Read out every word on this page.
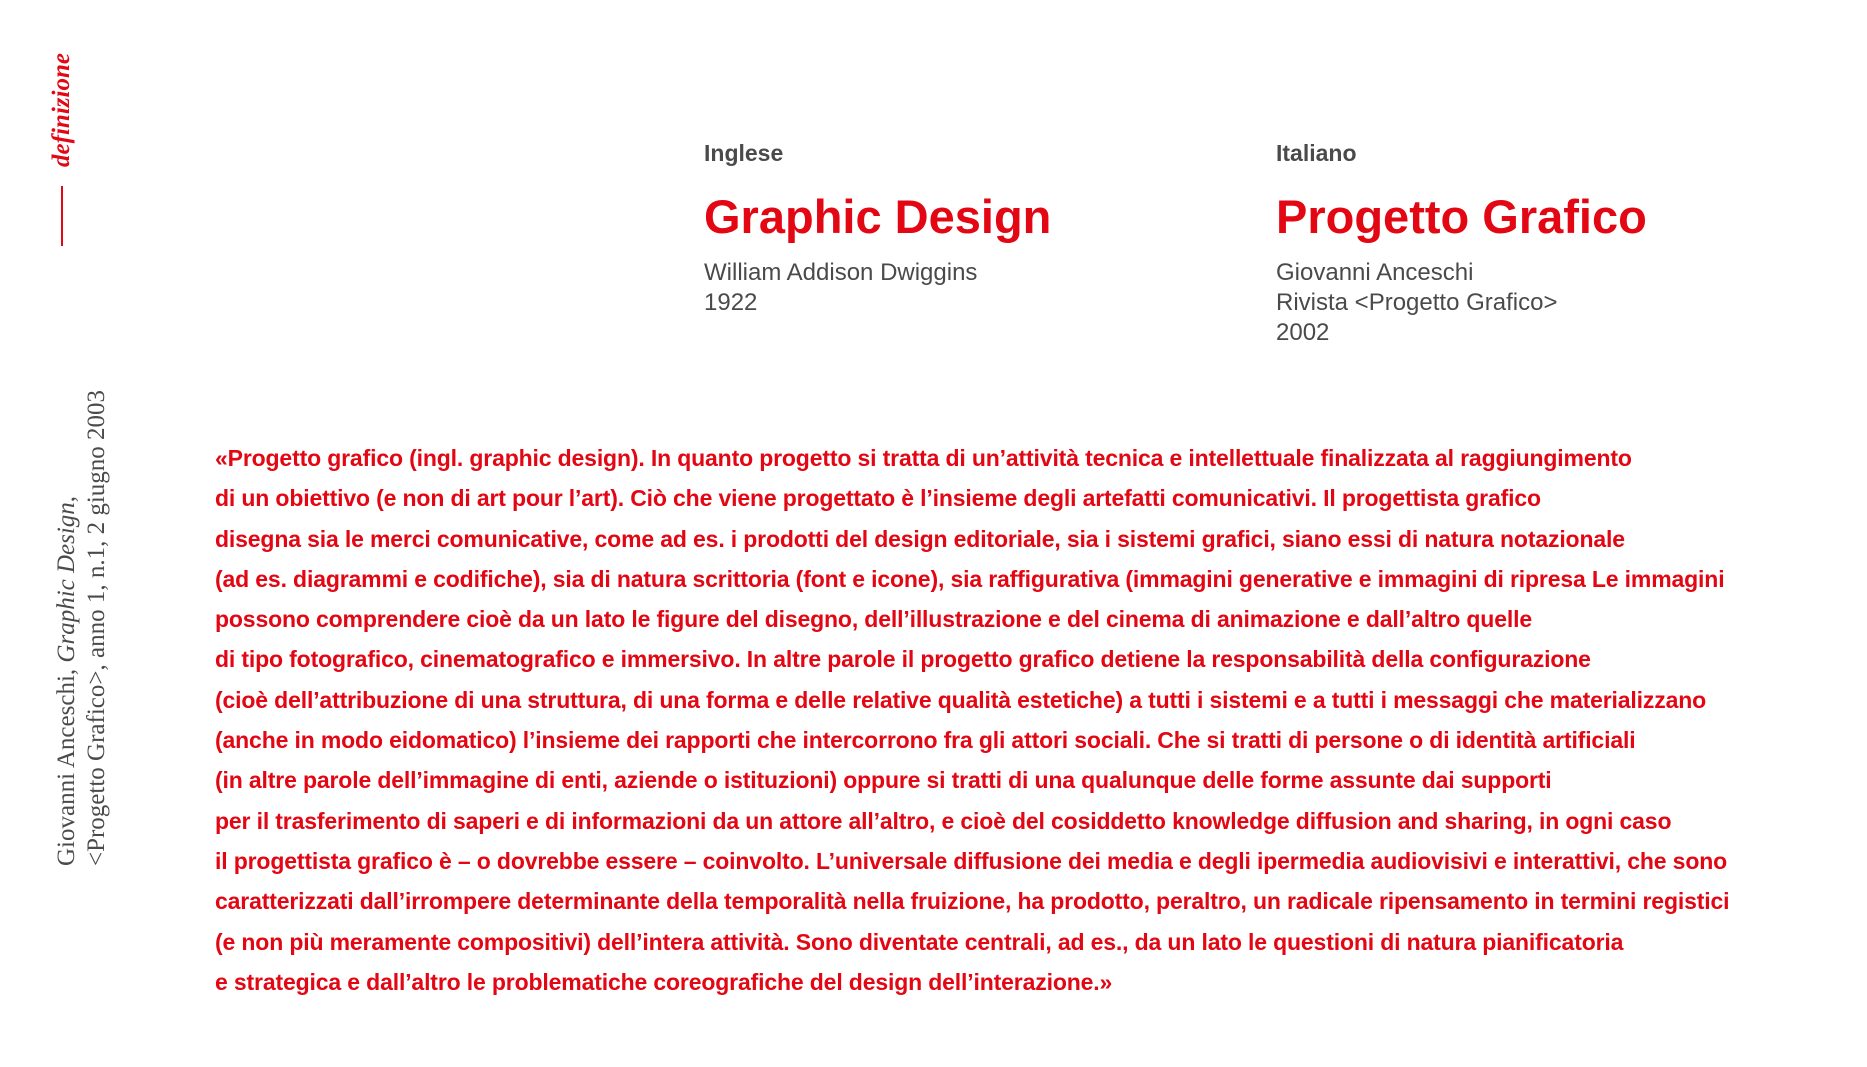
definizione
Giovanni Anceschi, Graphic Design, <Progetto Grafico>, anno 1, n.1, 2 giugno 2003
Inglese
Graphic Design
William Addison Dwiggins
1922
Italiano
Progetto Grafico
Giovanni Anceschi
Rivista <Progetto Grafico>
2002
«Progetto grafico (ingl. graphic design). In quanto progetto si tratta di un’attività tecnica e intellettuale finalizzata al raggiungimento
di un obiettivo (e non di art pour l’art). Ciò che viene progettato è l’insieme degli artefatti comunicativi. Il progettista grafico
disegna sia le merci comunicative, come ad es. i prodotti del design editoriale, sia i sistemi grafici, siano essi di natura notazionale
(ad es. diagrammi e codifiche), sia di natura scrittoria (font e icone), sia raffigurativa (immagini generative e immagini di ripresa Le immagini
possono comprendere cioè da un lato le figure del disegno, dell’illustrazione e del cinema di animazione e dall’altro quelle
di tipo fotografico, cinematografico e immersivo. In altre parole il progetto grafico detiene la responsabilità della configurazione
(cioè dell’attribuzione di una struttura, di una forma e delle relative qualità estetiche) a tutti i sistemi e a tutti i messaggi che materializzano
(anche in modo eidomatico) l’insieme dei rapporti che intercorrono fra gli attori sociali. Che si tratti di persone o di identità artificiali
(in altre parole dell’immagine di enti, aziende o istituzioni) oppure si tratti di una qualunque delle forme assunte dai supporti
per il trasferimento di saperi e di informazioni da un attore all’altro, e cioè del cosiddetto knowledge diffusion and sharing, in ogni caso
il progettista grafico è – o dovrebbe essere – coinvolto. L’universale diffusione dei media e degli ipermedia audiovisivi e interattivi, che sono
caratterizzati dall’irrompere determinante della temporalità nella fruizione, ha prodotto, peraltro, un radicale ripensamento in termini registici
(e non più meramente compositivi) dell’intera attività. Sono diventate centrali, ad es., da un lato le questioni di natura pianificatoria
e strategica e dall’altro le problematiche coreografiche del design dell’interazione.»
